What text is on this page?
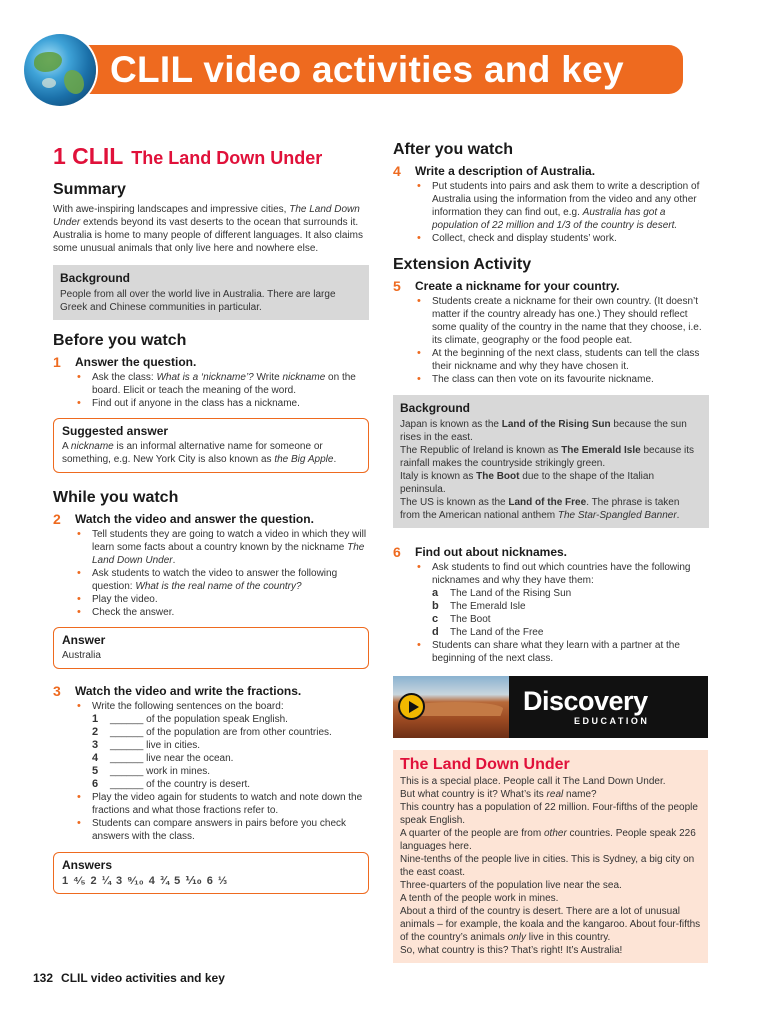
CLIL video activities and key
1 CLIL The Land Down Under
Summary

With awe-inspiring landscapes and impressive cities, The Land Down Under extends beyond its vast deserts to the ocean that surrounds it. Australia is home to many people of different languages. It also claims some unusual animals that only live here and nowhere else.

Background

People from all over the world live in Australia. There are large Greek and Chinese communities in particular.

Before you watch
1	Answer the question.
• Ask the class: What is a ‘nickname’? Write nickname on the board. Elicit or teach the meaning of the word.
• Find out if anyone in the class has a nickname.
Suggested answer

A nickname is an informal alternative name for someone or something, e.g. New York City is also known as the Big Apple.

While you watch
2	Watch the video and answer the question.
• Tell students they are going to watch a video in which they will learn some facts about a country known by the nickname The Land Down Under.
• Ask students to watch the video to answer the following question: What is the real name of the country?
• Play the video.
• Check the answer.
Answer

Australia

3	Watch the video and write the fractions.
• Write the following sentences on the board:
1	______ of the population speak English.
2	______ of the population are from other countries.
3	______ live in cities.
4	______ live near the ocean.
5	______ work in mines.
6	______ of the country is desert.
• Play the video again for students to watch and note down the fractions and what those fractions refer to.
• Students can compare answers in pairs before you check answers with the class.
Answers
1 ⁴⁄₅ 2 ¼ 3 ⁹⁄₁₀ 4 ¾ 5 ⅒ 6 ⅓
After you watch
4	Write a description of Australia.
• Put students into pairs and ask them to write a description of Australia using the information from the video and any other information they can find out, e.g. Australia has got a population of 22 million and 1/3 of the country is desert.
• Collect, check and display students’ work.
Extension Activity
5	Create a nickname for your country.
• Students create a nickname for their own country. (It doesn’t matter if the country already has one.) They should reflect some quality of the country in the name that they choose, i.e. its climate, geography or the food people eat.
• At the beginning of the next class, students can tell the class their nickname and why they have chosen it.
• The class can then vote on its favourite nickname.
Background

Japan is known as the Land of the Rising Sun because the sun rises in the east.
The Republic of Ireland is known as The Emerald Isle because its rainfall makes the countryside strikingly green.
Italy is known as The Boot due to the shape of the Italian peninsula.
The US is known as the Land of the Free. The phrase is taken from the American national anthem The Star-Spangled Banner.

6	Find out about nicknames.
• Ask students to find out which countries have the following nicknames and why they have them:
a	The Land of the Rising Sun
b	The Emerald Isle
c	The Boot
d	The Land of the Free
• Students can share what they learn with a partner at the beginning of the next class.
Discovery
EDUCATION
The Land Down Under

This is a special place. People call it The Land Down Under.
But what country is it? What’s its real name?
This country has a population of 22 million. Four-fifths of the people speak English.
A quarter of the people are from other countries. People speak 226 languages here.
Nine-tenths of the people live in cities. This is Sydney, a big city on the east coast.
Three-quarters of the population live near the sea.
A tenth of the people work in mines.
About a third of the country is desert. There are a lot of unusual animals – for example, the koala and the kangaroo. About four-fifths of the country’s animals only live in this country.
So, what country is this? That’s right! It’s Australia!

132 CLIL video activities and key
